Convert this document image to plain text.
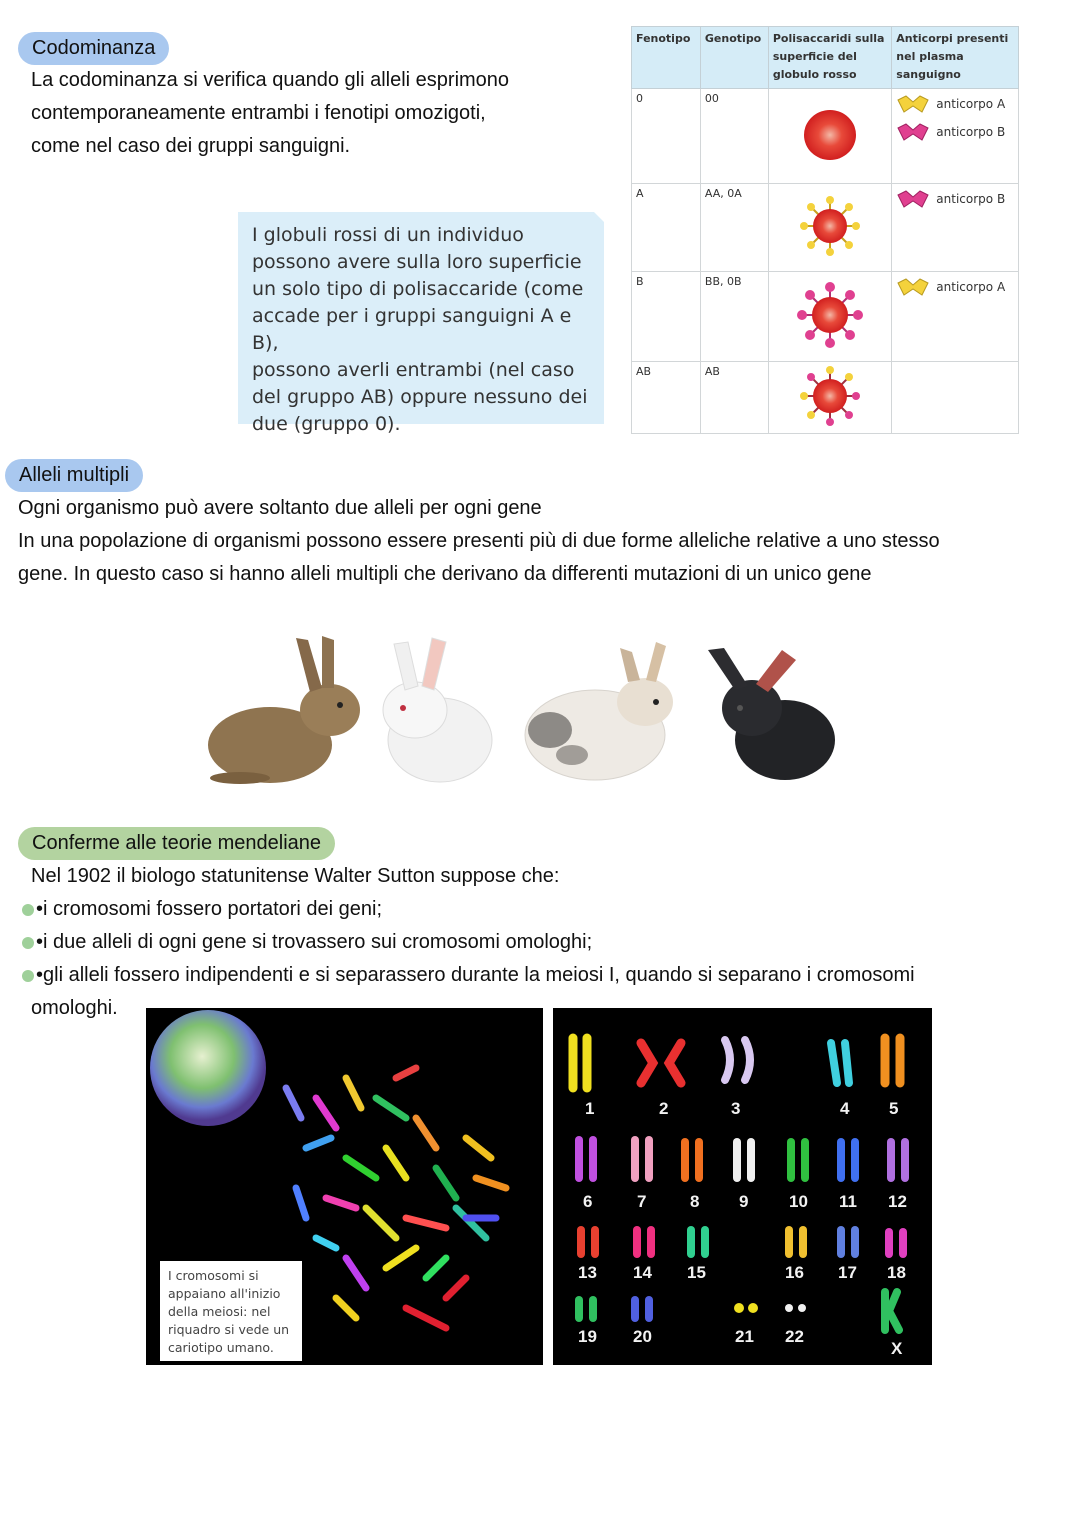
Codominanza
La codominanza si verifica quando gli alleli esprimono
contemporaneamente entrambi i fenotipi omozigoti,
come nel caso dei gruppi sanguigni.
I globuli rossi di un individuo
possono avere sulla loro superficie
un solo tipo di polisaccaride (come
accade per i gruppi sanguigni A e B),
possono averli entrambi (nel caso
del gruppo AB) oppure nessuno dei
due (gruppo 0).
Fenotipo	Genotipo	Polisaccaridi sulla superficie del globulo rosso	Anticorpi presenti nel plasma sanguigno
0	00		anticorpo A
anticorpo B

A	AA, 0A		anticorpo B

B	BB, 0B		anticorpo A

AB	AB		
Alleli multipli
Ogni organismo può avere soltanto due alleli per ogni gene
In una popolazione di organismi possono essere presenti più di due forme alleliche relative a uno stesso
gene. In questo caso si hanno alleli multipli che derivano da differenti mutazioni di un unico gene
Conferme alle teorie mendeliane
Nel 1902 il biologo statunitense Walter Sutton suppose che:
•i cromosomi fossero portatori dei geni;
•i due alleli di ogni gene si trovassero sui cromosomi omologhi;
•gli alleli fossero indipendenti e si separassero durante la meiosi I, quando si separano i cromosomi
omologhi.
I cromosomi si
appaiano all'inizio
della meiosi: nel
riquadro si vede un
cariotipo umano.
1	2	3	4 5
6	7	8 9 10 11 12
13 14 15	16 17 18
19 20	21 22
X
